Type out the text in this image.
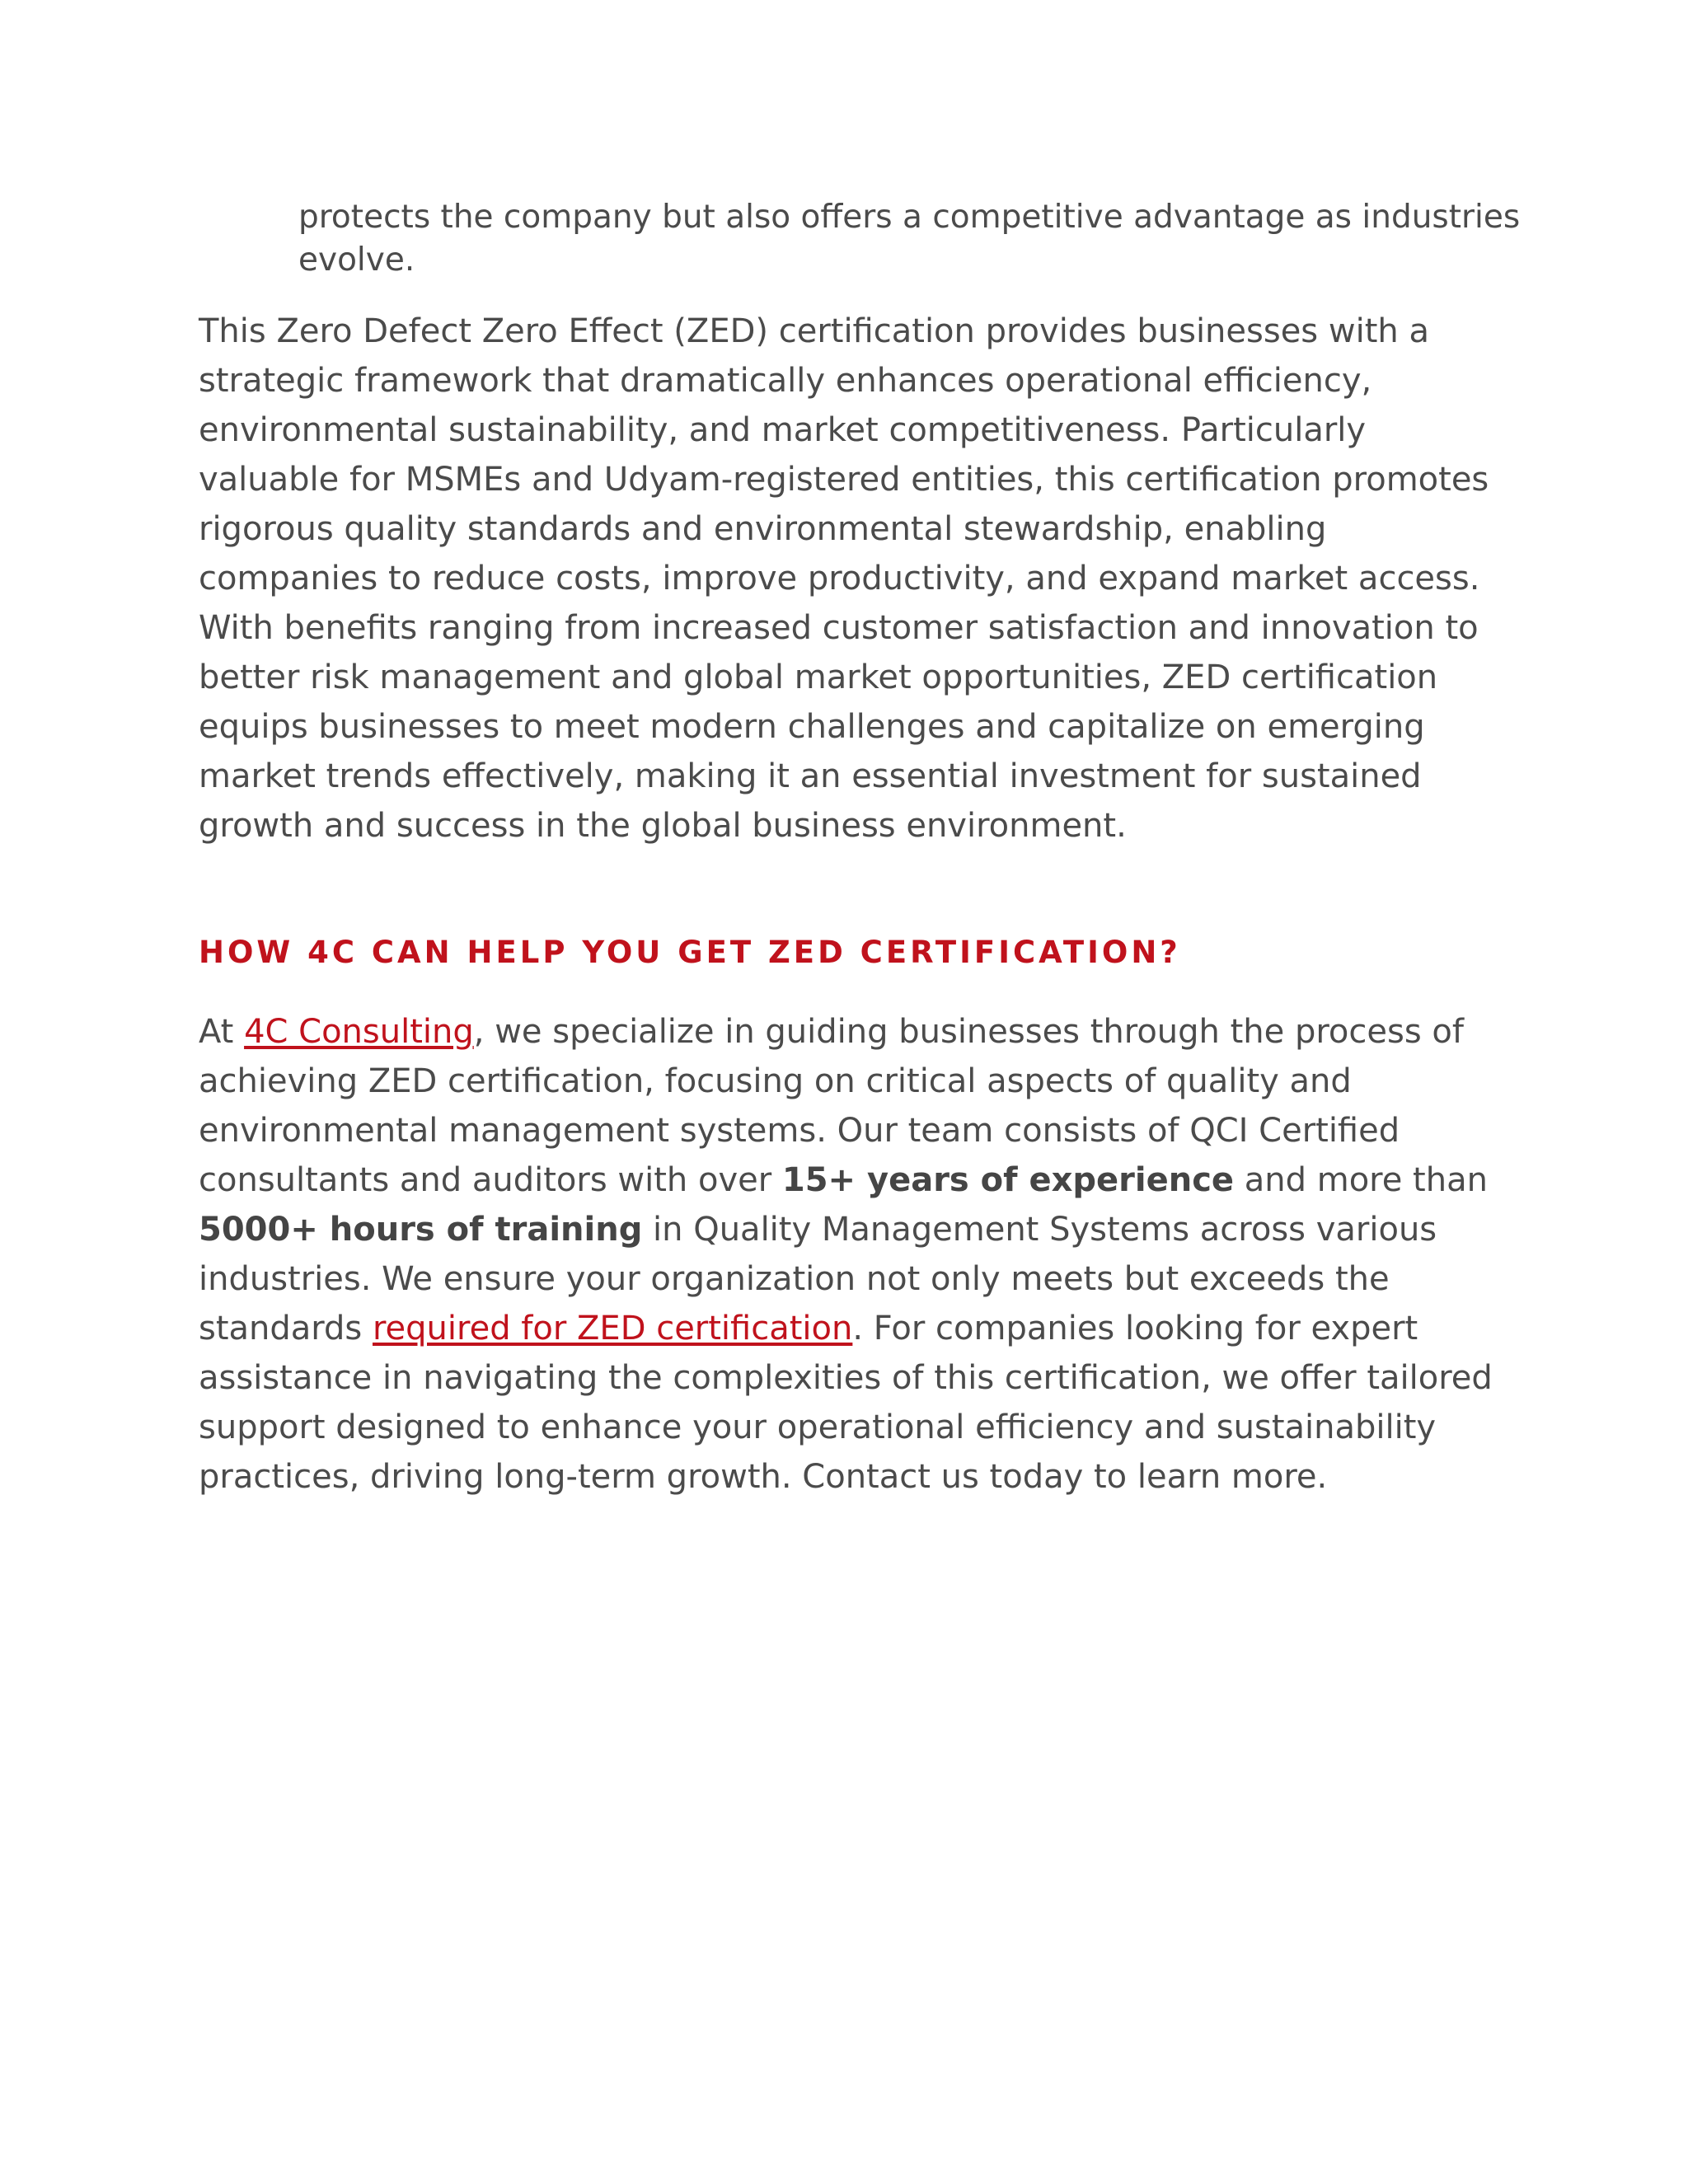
protects the company but also offers a competitive advantage as industries evolve.

This Zero Defect Zero Effect (ZED) certification provides businesses with a strategic framework that dramatically enhances operational efficiency, environmental sustainability, and market competitiveness. Particularly valuable for MSMEs and Udyam-registered entities, this certification promotes rigorous quality standards and environmental stewardship, enabling companies to reduce costs, improve productivity, and expand market access. With benefits ranging from increased customer satisfaction and innovation to better risk management and global market opportunities, ZED certification equips businesses to meet modern challenges and capitalize on emerging market trends effectively, making it an essential investment for sustained growth and success in the global business environment.

HOW 4C CAN HELP YOU GET ZED CERTIFICATION?

At 4C Consulting, we specialize in guiding businesses through the process of achieving ZED certification, focusing on critical aspects of quality and environmental management systems. Our team consists of QCI Certified consultants and auditors with over 15+ years of experience and more than 5000+ hours of training in Quality Management Systems across various industries. We ensure your organization not only meets but exceeds the standards required for ZED certification. For companies looking for expert assistance in navigating the complexities of this certification, we offer tailored support designed to enhance your operational efficiency and sustainability practices, driving long-term growth. Contact us today to learn more.
